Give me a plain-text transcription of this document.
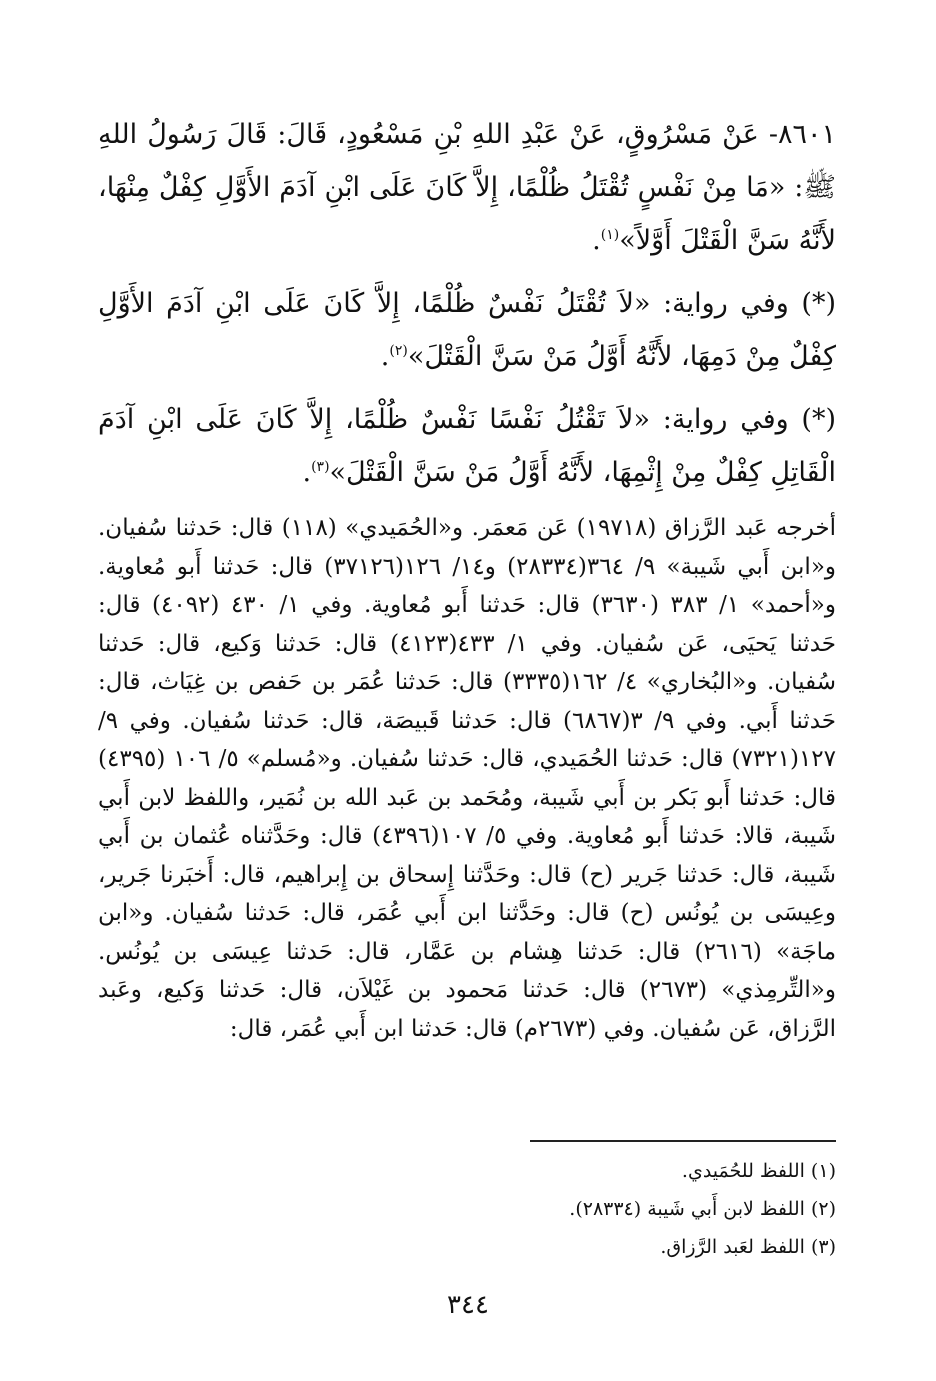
٨٦٠١- عَنْ مَسْرُوقٍ، عَنْ عَبْدِ اللهِ بْنِ مَسْعُودٍ، قَالَ: قَالَ رَسُولُ اللهِ ﷺ: «مَا مِنْ نَفْسٍ تُقْتَلُ ظُلْمًا، إِلاَّ كَانَ عَلَى ابْنِ آدَمَ الأَوَّلِ كِفْلٌ مِنْهَا، لأَنَّهُ سَنَّ الْقَتْلَ أَوَّلاً»$^{(١)}$.

(*) وفي رواية: «لاَ تُقْتَلُ نَفْسٌ ظُلْمًا، إِلاَّ كَانَ عَلَى ابْنِ آدَمَ الأَوَّلِ كِفْلٌ مِنْ دَمِهَا، لأَنَّهُ أَوَّلُ مَنْ سَنَّ الْقَتْلَ»$^{(٢)}$.

(*) وفي رواية: «لاَ تَقْتُلُ نَفْسًا نَفْسٌ ظُلْمًا، إِلاَّ كَانَ عَلَى ابْنِ آدَمَ الْقَاتِلِ كِفْلٌ مِنْ إِثْمِهَا، لأَنَّهُ أَوَّلُ مَنْ سَنَّ الْقَتْلَ»$^{(٣)}$.

أخرجه عَبد الرَّزاق (١٩٧١٨) عَن مَعمَر. و«الحُمَيدي» (١١٨) قال: حَدثنا سُفيان. و«ابن أَبي شَيبة» ٩/ ٣٦٤(٢٨٣٣٤) و١٤/ ١٢٦(٣٧١٢٦) قال: حَدثنا أَبو مُعاوية. و«أحمد» ١/ ٣٨٣ (٣٦٣٠) قال: حَدثنا أَبو مُعاوية. وفي ١/ ٤٣٠ (٤٠٩٢) قال: حَدثنا يَحيَى، عَن سُفيان. وفي ١/ ٤٣٣(٤١٢٣) قال: حَدثنا وَكيع، قال: حَدثنا سُفيان. و«البُخاري» ٤/ ١٦٢(٣٣٣٥) قال: حَدثنا عُمَر بن حَفص بن غِيَاث، قال: حَدثنا أَبي. وفي ٩/ ٣(٦٨٦٧) قال: حَدثنا قَبيصَة، قال: حَدثنا سُفيان. وفي ٩/ ١٢٧(٧٣٢١) قال: حَدثنا الحُمَيدي، قال: حَدثنا سُفيان. و«مُسلم» ٥/ ١٠٦ (٤٣٩٥) قال: حَدثنا أَبو بَكر بن أَبي شَيبة، ومُحَمد بن عَبد الله بن نُمَير، واللفظ لابن أَبي شَيبة، قالا: حَدثنا أَبو مُعاوية. وفي ٥/ ١٠٧(٤٣٩٦) قال: وحَدَّثناه عُثمان بن أَبي شَيبة، قال: حَدثنا جَرير (ح) قال: وحَدَّثنا إِسحاق بن إِبراهيم، قال: أَخبَرنا جَرير، وعِيسَى بن يُونُس (ح) قال: وحَدَّثنا ابن أَبي عُمَر، قال: حَدثنا سُفيان. و«ابن ماجَة» (٢٦١٦) قال: حَدثنا هِشام بن عَمَّار، قال: حَدثنا عِيسَى بن يُونُس. و«التِّرمِذي» (٢٦٧٣) قال: حَدثنا مَحمود بن غَيْلاَن، قال: حَدثنا وَكيع، وعَبد الرَّزاق، عَن سُفيان. وفي (٢٦٧٣م) قال: حَدثنا ابن أَبي عُمَر، قال:

(١) اللفظ للحُمَيدي.
(٢) اللفظ لابن أَبي شَيبة (٢٨٣٣٤).
(٣) اللفظ لعَبد الرَّزاق.
٣٤٤
